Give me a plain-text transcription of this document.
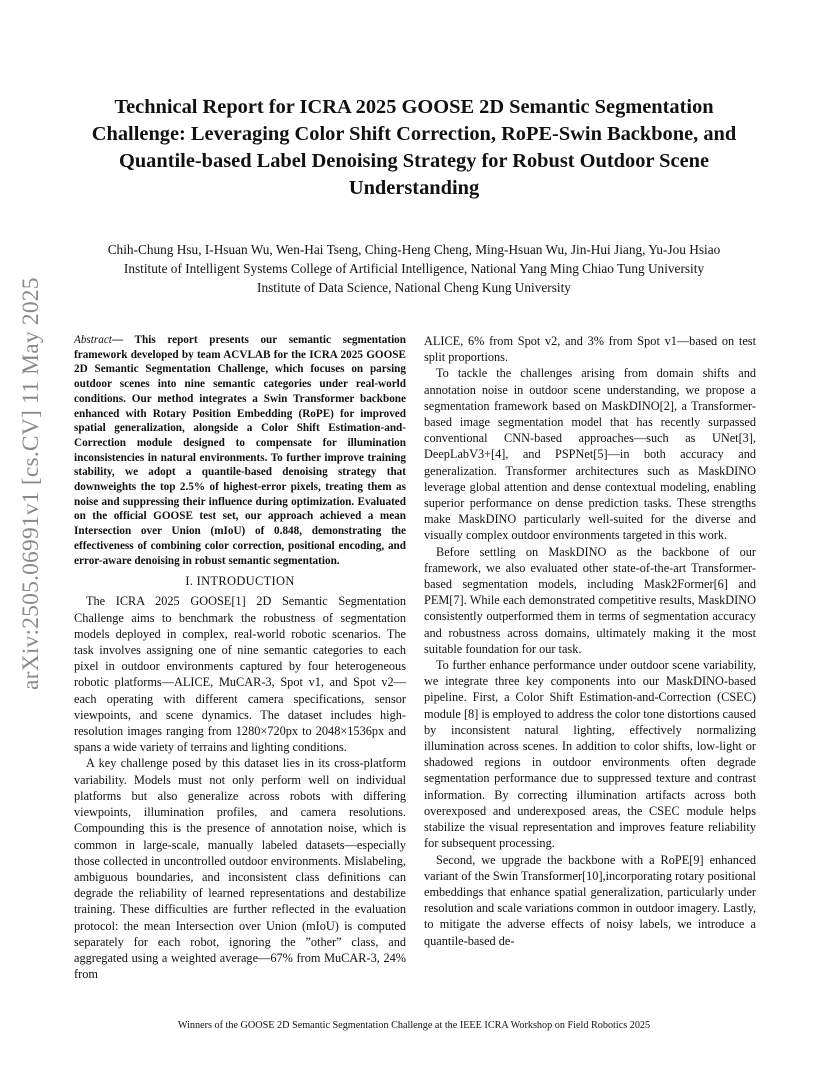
arXiv:2505.06991v1 [cs.CV] 11 May 2025
Technical Report for ICRA 2025 GOOSE 2D Semantic Segmentation Challenge: Leveraging Color Shift Correction, RoPE-Swin Backbone, and Quantile-based Label Denoising Strategy for Robust Outdoor Scene Understanding
Chih-Chung Hsu, I-Hsuan Wu, Wen-Hai Tseng, Ching-Heng Cheng, Ming-Hsuan Wu, Jin-Hui Jiang, Yu-Jou Hsiao
Institute of Intelligent Systems College of Artificial Intelligence, National Yang Ming Chiao Tung University
Institute of Data Science, National Cheng Kung University

Abstract— This report presents our semantic segmentation framework developed by team ACVLAB for the ICRA 2025 GOOSE 2D Semantic Segmentation Challenge, which focuses on parsing outdoor scenes into nine semantic categories under real-world conditions. Our method integrates a Swin Transformer backbone enhanced with Rotary Position Embedding (RoPE) for improved spatial generalization, alongside a Color Shift Estimation-and-Correction module designed to compensate for illumination inconsistencies in natural environments. To further improve training stability, we adopt a quantile-based denoising strategy that downweights the top 2.5% of highest-error pixels, treating them as noise and suppressing their influence during optimization. Evaluated on the official GOOSE test set, our approach achieved a mean Intersection over Union (mIoU) of 0.848, demonstrating the effectiveness of combining color correction, positional encoding, and error-aware denoising in robust semantic segmentation.

I. INTRODUCTION

The ICRA 2025 GOOSE[1] 2D Semantic Segmentation Challenge aims to benchmark the robustness of segmentation models deployed in complex, real-world robotic scenarios. The task involves assigning one of nine semantic categories to each pixel in outdoor environments captured by four heterogeneous robotic platforms—ALICE, MuCAR-3, Spot v1, and Spot v2—each operating with different camera specifications, sensor viewpoints, and scene dynamics. The dataset includes high-resolution images ranging from 1280×720px to 2048×1536px and spans a wide variety of terrains and lighting conditions.

A key challenge posed by this dataset lies in its cross-platform variability. Models must not only perform well on individual platforms but also generalize across robots with differing viewpoints, illumination profiles, and camera resolutions. Compounding this is the presence of annotation noise, which is common in large-scale, manually labeled datasets—especially those collected in uncontrolled outdoor environments. Mislabeling, ambiguous boundaries, and inconsistent class definitions can degrade the reliability of learned representations and destabilize training. These difficulties are further reflected in the evaluation protocol: the mean Intersection over Union (mIoU) is computed separately for each robot, ignoring the ”other” class, and aggregated using a weighted average—67% from MuCAR-3, 24% from

ALICE, 6% from Spot v2, and 3% from Spot v1—based on test split proportions.

To tackle the challenges arising from domain shifts and annotation noise in outdoor scene understanding, we propose a segmentation framework based on MaskDINO[2], a Transformer-based image segmentation model that has recently surpassed conventional CNN-based approaches—such as UNet[3], DeepLabV3+[4], and PSPNet[5]—in both accuracy and generalization. Transformer architectures such as MaskDINO leverage global attention and dense contextual modeling, enabling superior performance on dense prediction tasks. These strengths make MaskDINO particularly well-suited for the diverse and visually complex outdoor environments targeted in this work.

Before settling on MaskDINO as the backbone of our framework, we also evaluated other state-of-the-art Transformer-based segmentation models, including Mask2Former[6] and PEM[7]. While each demonstrated competitive results, MaskDINO consistently outperformed them in terms of segmentation accuracy and robustness across domains, ultimately making it the most suitable foundation for our task.

To further enhance performance under outdoor scene variability, we integrate three key components into our MaskDINO-based pipeline. First, a Color Shift Estimation-and-Correction (CSEC) module [8] is employed to address the color tone distortions caused by inconsistent natural lighting, effectively normalizing illumination across scenes. In addition to color shifts, low-light or shadowed regions in outdoor environments often degrade segmentation performance due to suppressed texture and contrast information. By correcting illumination artifacts across both overexposed and underexposed areas, the CSEC module helps stabilize the visual representation and improves feature reliability for subsequent processing.

Second, we upgrade the backbone with a RoPE[9] enhanced variant of the Swin Transformer[10],incorporating rotary positional embeddings that enhance spatial generalization, particularly under resolution and scale variations common in outdoor imagery. Lastly, to mitigate the adverse effects of noisy labels, we introduce a quantile-based de-

Winners of the GOOSE 2D Semantic Segmentation Challenge at the IEEE ICRA Workshop on Field Robotics 2025
